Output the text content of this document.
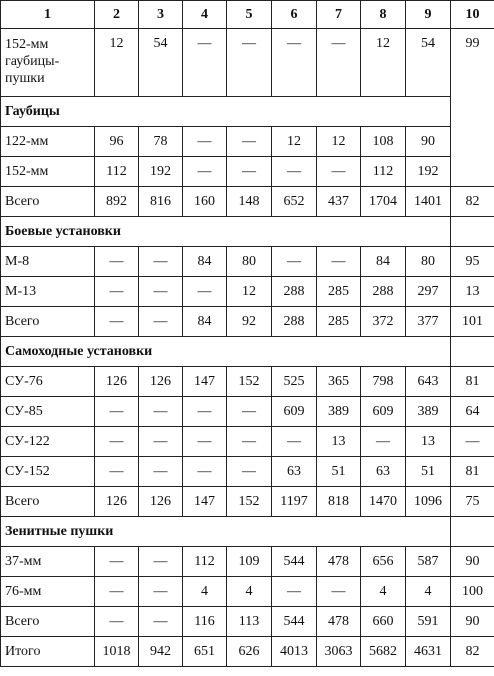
1	2	3	4	5	6	7	8	9	10
152-мм гаубицы-пушки	12	54	—	—	—	—	12	54	99
Гаубицы									
122-мм	96	78	—	—	12	12	108	90	
152-мм	112	192	—	—	—	—	112	192	
Всего	892	816	160	148	652	437	1704	1401	82
Боевые установки									
М-8	—	—	84	80	—	—	84	80	95
М-13	—	—	—	12	288	285	288	297	13
Всего	—	—	84	92	288	285	372	377	101
Самоходные установки									
СУ-76	126	126	147	152	525	365	798	643	81
СУ-85	—	—	—	—	609	389	609	389	64
СУ-122	—	—	—	—	—	13	—	13	—
СУ-152	—	—	—	—	63	51	63	51	81
Всего	126	126	147	152	1197	818	1470	1096	75
Зенитные пушки									
37-мм	—	—	112	109	544	478	656	587	90
76-мм	—	—	4	4	—	—	4	4	100
Всего	—	—	116	113	544	478	660	591	90
Итого	1018	942	651	626	4013	3063	5682	4631	82
